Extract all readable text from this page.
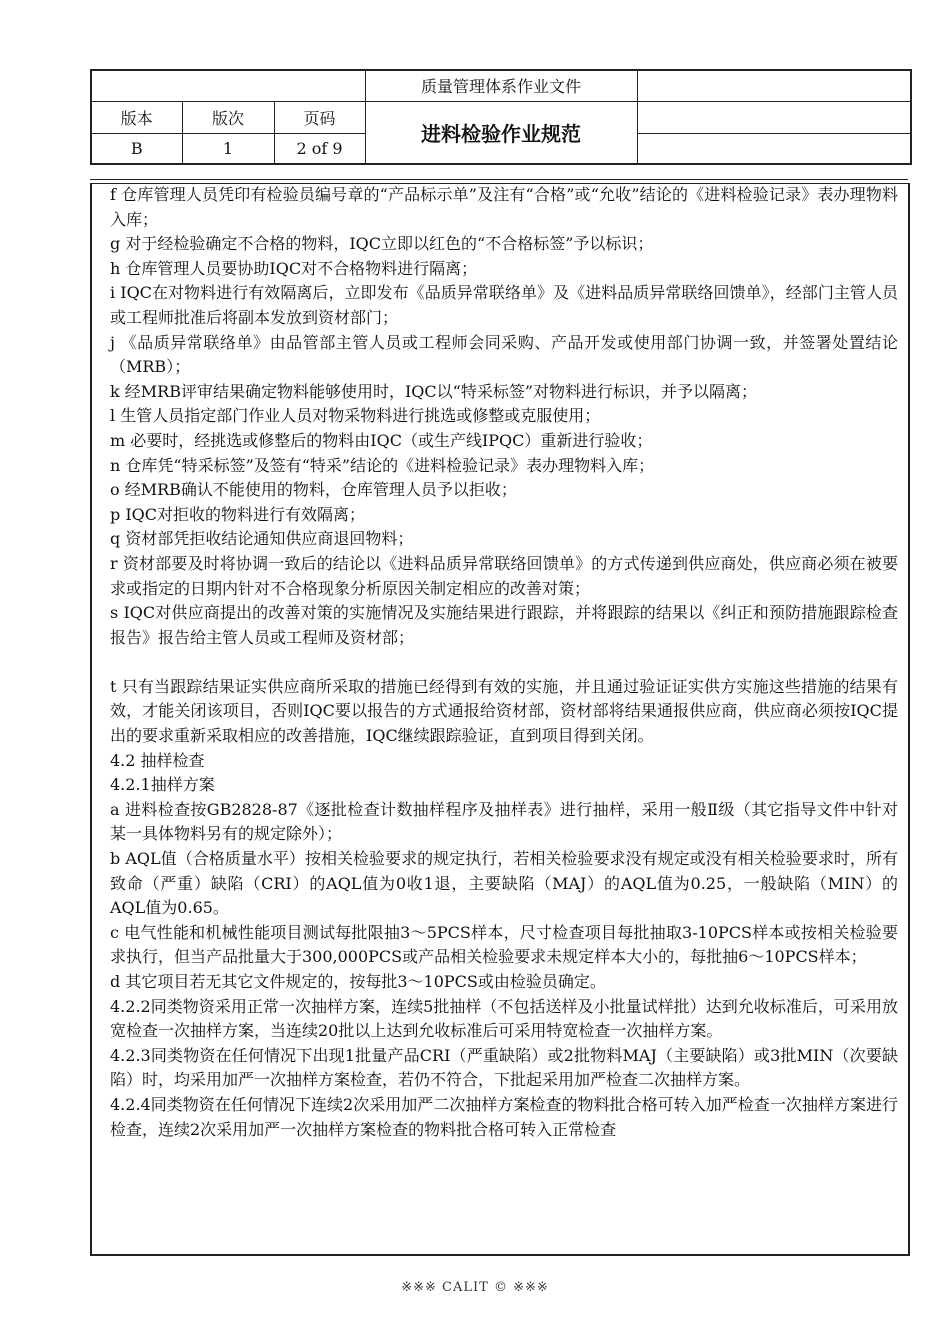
			质量管理体系作业文件	
版本	版次	页码	进料检验作业规范	
B	1	2 of 9		

f 仓库管理人员凭印有检验员编号章的“产品标示单”及注有“合格”或“允收”结论的《进料检验记录》表办理物料入库；

g 对于经检验确定不合格的物料，IQC立即以红色的“不合格标签”予以标识；

h 仓库管理人员要协助IQC对不合格物料进行隔离；

i IQC在对物料进行有效隔离后，立即发布《品质异常联络单》及《进料品质异常联络回馈单》，经部门主管人员或工程师批准后将副本发放到资材部门；

j 《品质异常联络单》由品管部主管人员或工程师会同采购、产品开发或使用部门协调一致，并签署处置结论（MRB）；

k 经MRB评审结果确定物料能够使用时，IQC以“特采标签”对物料进行标识，并予以隔离；

l 生管人员指定部门作业人员对物采物料进行挑选或修整或克服使用；

m 必要时，经挑选或修整后的物料由IQC（或生产线IPQC）重新进行验收；

n 仓库凭“特采标签”及签有“特采”结论的《进料检验记录》表办理物料入库；

o 经MRB确认不能使用的物料，仓库管理人员予以拒收；

p IQC对拒收的物料进行有效隔离；

q 资材部凭拒收结论通知供应商退回物料；

r 资材部要及时将协调一致后的结论以《进料品质异常联络回馈单》的方式传递到供应商处，供应商必须在被要求或指定的日期内针对不合格现象分析原因关制定相应的改善对策；

s IQC对供应商提出的改善对策的实施情况及实施结果进行跟踪，并将跟踪的结果以《纠正和预防措施跟踪检查报告》报告给主管人员或工程师及资材部；

t 只有当跟踪结果证实供应商所采取的措施已经得到有效的实施，并且通过验证证实供方实施这些措施的结果有效，才能关闭该项目，否则IQC要以报告的方式通报给资材部，资材部将结果通报供应商，供应商必须按IQC提出的要求重新采取相应的改善措施，IQC继续跟踪验证，直到项目得到关闭。

4.2 抽样检查

4.2.1抽样方案

a 进料检查按GB2828-87《逐批检查计数抽样程序及抽样表》进行抽样，采用一般Ⅱ级（其它指导文件中针对某一具体物料另有的规定除外）；

b AQL值（合格质量水平）按相关检验要求的规定执行，若相关检验要求没有规定或没有相关检验要求时，所有致命（严重）缺陷（CRI）的AQL值为0收1退，主要缺陷（MAJ）的AQL值为0.25，一般缺陷（MIN）的AQL值为0.65。

c 电气性能和机械性能项目测试每批限抽3～5PCS样本，尺寸检查项目每批抽取3-10PCS样本或按相关检验要求执行，但当产品批量大于300,000PCS或产品相关检验要求未规定样本大小的，每批抽6～10PCS样本；

d 其它项目若无其它文件规定的，按每批3～10PCS或由检验员确定。

4.2.2同类物资采用正常一次抽样方案，连续5批抽样（不包括送样及小批量试样批）达到允收标准后，可采用放宽检查一次抽样方案，当连续20批以上达到允收标准后可采用特宽检查一次抽样方案。

4.2.3同类物资在任何情况下出现1批量产品CRI（严重缺陷）或2批物料MAJ（主要缺陷）或3批MIN（次要缺陷）时，均采用加严一次抽样方案检查，若仍不符合，下批起采用加严检查二次抽样方案。

4.2.4同类物资在任何情况下连续2次采用加严二次抽样方案检查的物料批合格可转入加严检查一次抽样方案进行检查，连续2次采用加严一次抽样方案检查的物料批合格可转入正常检查

※※※ CALIT © ※※※
